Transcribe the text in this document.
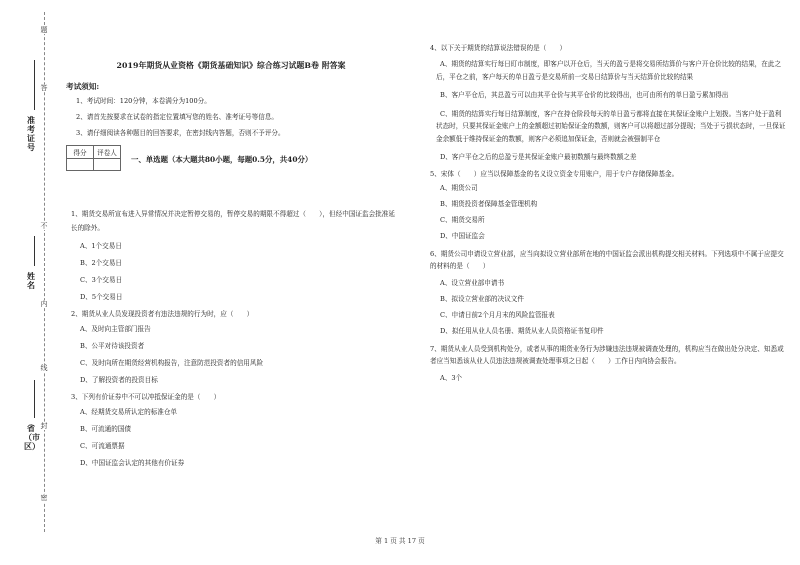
题
答
不
内
线
封
密
准考证号
姓名
省（市区）
2019年期货从业资格《期货基础知识》综合练习试题B卷 附答案
考试须知:
1、考试时间：120分钟，本卷满分为100分。
2、请首先按要求在试卷的指定位置填写您的姓名、准考证号等信息。
3、请仔细阅读各种题目的回答要求，在密封线内答题，否则不予评分。
得分	评卷人

一、单选题（本大题共80小题，每题0.5分，共40分）
1、期货交易所宣布进入异常情况并决定暂停交易的，暂停交易的期限不得超过（　　），但经中国证监会批准延长的除外。
A、1个交易日
B、2个交易日
C、3个交易日
D、5个交易日
2、期货从业人员发现投资者有违法违规的行为时，应（　　）
A、及时向主管部门报告
B、公平对待该投资者
C、及时向所在期货经营机构报告，注意防范投资者的信用风险
D、了解投资者的投资目标
3、下列有价证券中不可以冲抵保证金的是（　　）
A、经期货交易所认定的标准仓单
B、可流通的国债
C、可流通票据
D、中国证监会认定的其他有价证券
4、以下关于期货的结算说法错误的是（　　）
A、期货的结算实行每日盯市制度，即客户以开仓后，当天的盈亏是将交易所结算价与客户开仓价比较的结果，在此之后，平仓之前，客户每天的单日盈亏是交易所前一交易日结算价与当天结算价比较的结果
B、客户平仓后，其总盈亏可以由其平仓价与其平仓价的比较得出，也可由所有的单日盈亏累加得出
C、期货的结算实行每日结算制度，客户在持仓阶段每天的单日盈亏都将直接在其保证金账户上划拨。当客户处于盈利状态时，只要其保证金账户上的金额超过初始保证金的数额，则客户可以将超过部分提现；当处于亏损状态时，一旦保证金余额低于维持保证金的数额，则客户必须追加保证金，否则就会被强制平仓
D、客户平仓之后的总盈亏是其保证金账户最初数额与最终数额之差
5、宋体（　　）应当以保障基金的名义设立资金专用账户，用于专户存储保障基金。
A、期货公司
B、期货投资者保障基金管理机构
C、期货交易所
D、中国证监会
6、期货公司申请设立营业部，应当向拟设立营业部所在地的中国证监会派出机构提交相关材料。下列选项中不属于应提交的材料的是（　　）
A、设立营业部申请书
B、拟设立营业部的决议文件
C、申请日前2个月月末的风险监管报表
D、拟任用从业人员名册、期货从业人员资格证书复印件
7、期货从业人员受到机构处分，或者从事的期货业务行为涉嫌违法违规被调查处理的，机构应当在做出处分决定、知悉或者应当知悉该从业人员违法违规被调查处理事项之日起（　　）工作日内向协会报告。
A、3个
第 1 页 共 17 页
